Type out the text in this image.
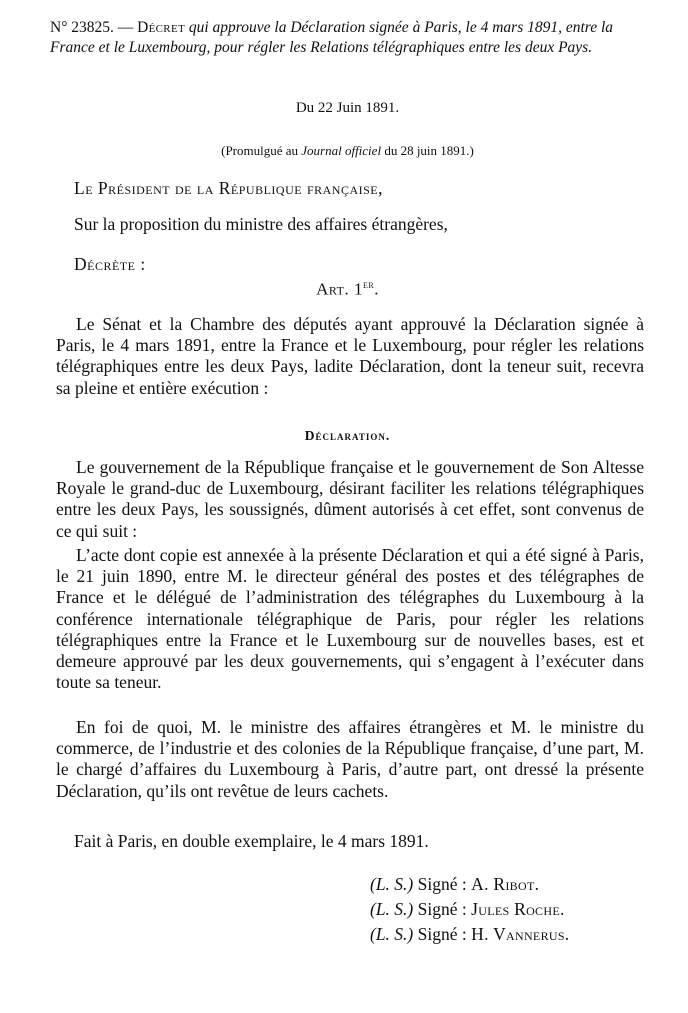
N° 23825. — Décret qui approuve la Déclaration signée à Paris, le 4 mars 1891, entre la France et le Luxembourg, pour régler les Relations télégraphiques entre les deux Pays.
Du 22 Juin 1891.
(Promulgué au Journal officiel du 28 juin 1891.)
Le Président de la République française,
Sur la proposition du ministre des affaires étrangères,
Décrète :
Art. 1er.

Le Sénat et la Chambre des députés ayant approuvé la Déclaration signée à Paris, le 4 mars 1891, entre la France et le Luxembourg, pour régler les relations télégraphiques entre les deux Pays, ladite Déclaration, dont la teneur suit, recevra sa pleine et entière exécution :

Déclaration.

Le gouvernement de la République française et le gouvernement de Son Altesse Royale le grand-duc de Luxembourg, désirant faciliter les relations télégraphiques entre les deux Pays, les soussignés, dûment autorisés à cet effet, sont convenus de ce qui suit :

L’acte dont copie est annexée à la présente Déclaration et qui a été signé à Paris, le 21 juin 1890, entre M. le directeur général des postes et des télégraphes de France et le délégué de l’administration des télégraphes du Luxembourg à la conférence internationale télégraphique de Paris, pour régler les relations télégraphiques entre la France et le Luxembourg sur de nouvelles bases, est et demeure approuvé par les deux gouvernements, qui s’engagent à l’exécuter dans toute sa teneur.

En foi de quoi, M. le ministre des affaires étrangères et M. le ministre du commerce, de l’industrie et des colonies de la République française, d’une part, M. le chargé d’affaires du Luxembourg à Paris, d’autre part, ont dressé la présente Déclaration, qu’ils ont revêtue de leurs cachets.

Fait à Paris, en double exemplaire, le 4 mars 1891.
(L. S.) Signé : A. Ribot.
(L. S.) Signé : Jules Roche.
(L. S.) Signé : H. Vannerus.
